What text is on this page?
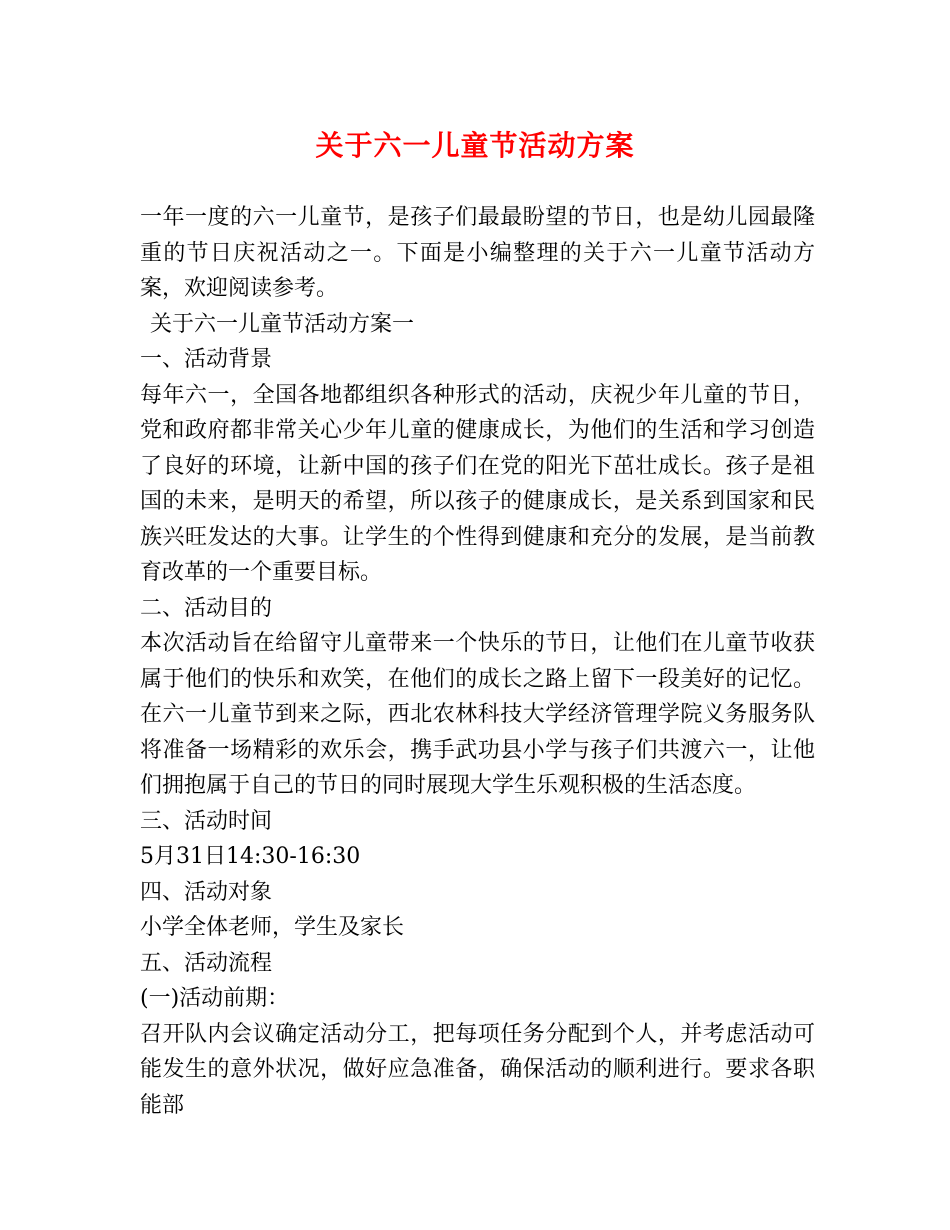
关于六一儿童节活动方案

一年一度的六一儿童节，是孩子们最最盼望的节日，也是幼儿园最隆重的节日庆祝活动之一。下面是小编整理的关于六一儿童节活动方案，欢迎阅读参考。

关于六一儿童节活动方案一

一、活动背景

每年六一，全国各地都组织各种形式的活动，庆祝少年儿童的节日，党和政府都非常关心少年儿童的健康成长，为他们的生活和学习创造了良好的环境，让新中国的孩子们在党的阳光下茁壮成长。孩子是祖国的未来，是明天的希望，所以孩子的健康成长，是关系到国家和民族兴旺发达的大事。让学生的个性得到健康和充分的发展，是当前教育改革的一个重要目标。

二、活动目的

本次活动旨在给留守儿童带来一个快乐的节日，让他们在儿童节收获属于他们的快乐和欢笑，在他们的成长之路上留下一段美好的记忆。在六一儿童节到来之际，西北农林科技大学经济管理学院义务服务队将准备一场精彩的欢乐会，携手武功县小学与孩子们共渡六一，让他们拥抱属于自己的节日的同时展现大学生乐观积极的生活态度。

三、活动时间

5月31日14:30-16:30

四、活动对象

小学全体老师，学生及家长

五、活动流程

(一)活动前期：

召开队内会议确定活动分工，把每项任务分配到个人，并考虑活动可能发生的意外状况，做好应急准备，确保活动的顺利进行。要求各职能部
